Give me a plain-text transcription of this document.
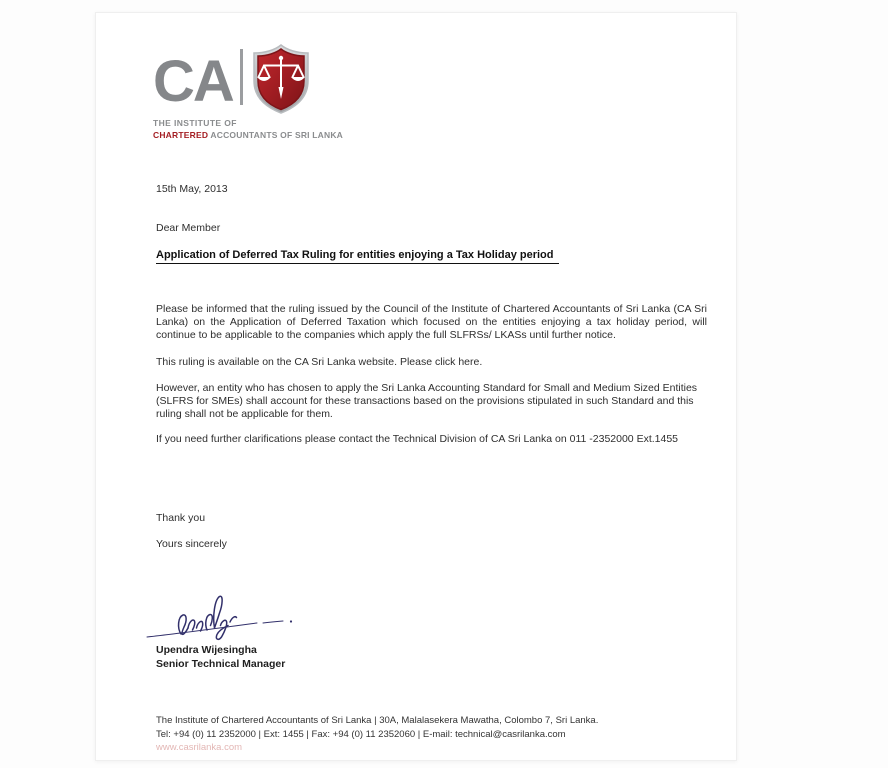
CA
THE INSTITUTE OF
CHARTERED ACCOUNTANTS OF SRI LANKA
15th May, 2013
Dear Member
Application of Deferred Tax Ruling for entities enjoying a Tax Holiday period
Please be informed that the ruling issued by the Council of the Institute of Chartered Accountants of Sri Lanka (CA Sri Lanka) on the Application of Deferred Taxation which focused on the entities enjoying a tax holiday period, will continue to be applicable to the companies which apply the full SLFRSs/ LKASs until further notice.
This ruling is available on the CA Sri Lanka website. Please click here.
However, an entity who has chosen to apply the Sri Lanka Accounting Standard for Small and Medium Sized Entities (SLFRS for SMEs) shall account for these transactions based on the provisions stipulated in such Standard and this ruling shall not be applicable for them.
If you need further clarifications please contact the Technical Division of CA Sri Lanka on 011 -2352000 Ext.1455
Thank you
Yours sincerely
Upendra Wijesingha
Senior Technical Manager
The Institute of Chartered Accountants of Sri Lanka | 30A, Malalasekera Mawatha, Colombo 7, Sri Lanka.
Tel: +94 (0) 11 2352000 | Ext: 1455 | Fax: +94 (0) 11 2352060 | E-mail: technical@casrilanka.com
www.casrilanka.com
